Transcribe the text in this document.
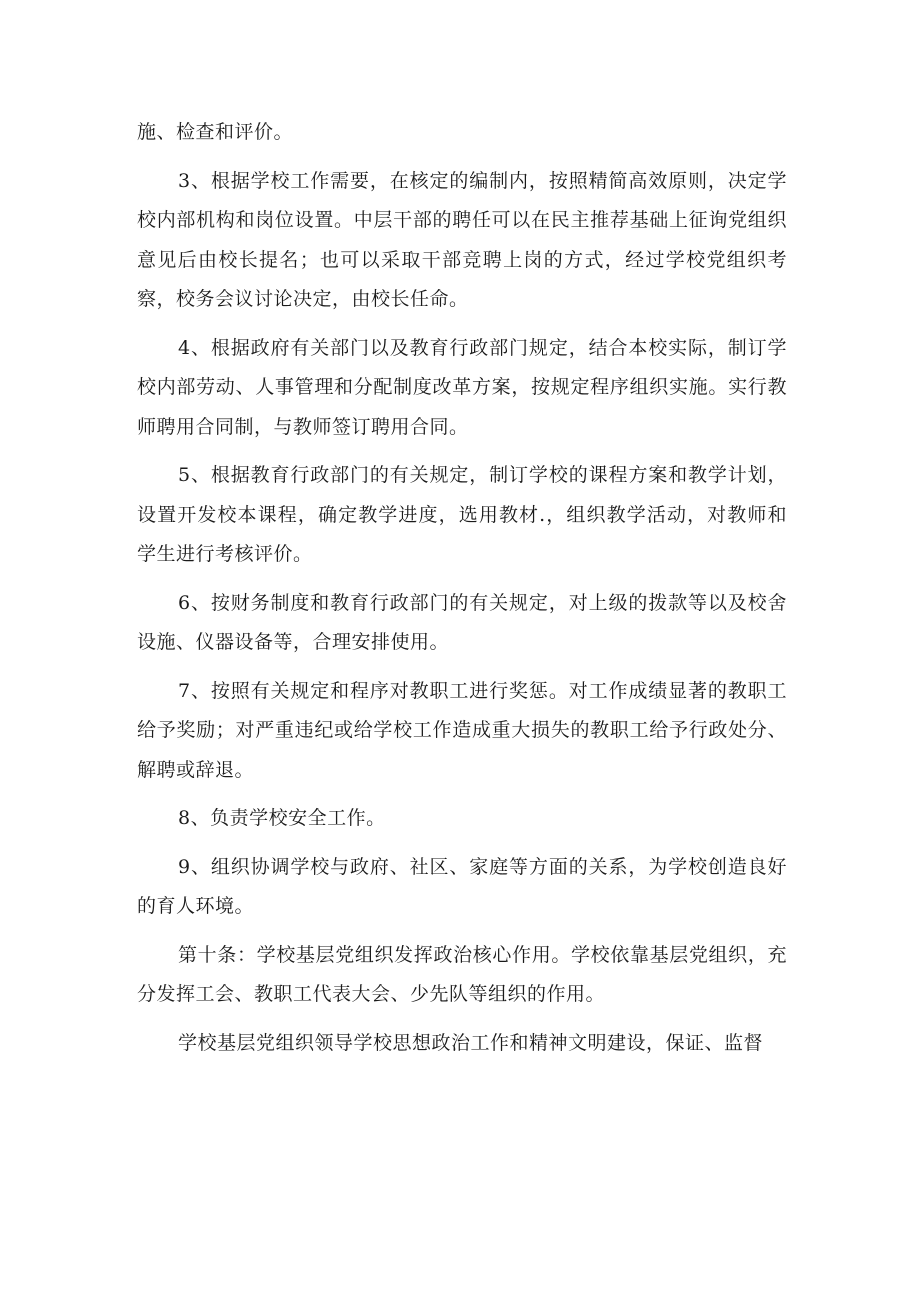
施、检查和评价。

3、根据学校工作需要，在核定的编制内，按照精简高效原则，决定学校内部机构和岗位设置。中层干部的聘任可以在民主推荐基础上征询党组织意见后由校长提名；也可以采取干部竞聘上岗的方式，经过学校党组织考察，校务会议讨论决定，由校长任命。

4、根据政府有关部门以及教育行政部门规定，结合本校实际，制订学校内部劳动、人事管理和分配制度改革方案，按规定程序组织实施。实行教师聘用合同制，与教师签订聘用合同。

5、根据教育行政部门的有关规定，制订学校的课程方案和教学计划，设置开发校本课程，确定教学进度，选用教材.，组织教学活动，对教师和学生进行考核评价。

6、按财务制度和教育行政部门的有关规定，对上级的拨款等以及校舍设施、仪器设备等，合理安排使用。

7、按照有关规定和程序对教职工进行奖惩。对工作成绩显著的教职工给予奖励；对严重违纪或给学校工作造成重大损失的教职工给予行政处分、解聘或辞退。

8、负责学校安全工作。

9、组织协调学校与政府、社区、家庭等方面的关系，为学校创造良好的育人环境。

第十条：学校基层党组织发挥政治核心作用。学校依靠基层党组织，充分发挥工会、教职工代表大会、少先队等组织的作用。

学校基层党组织领导学校思想政治工作和精神文明建设，保证、监督
